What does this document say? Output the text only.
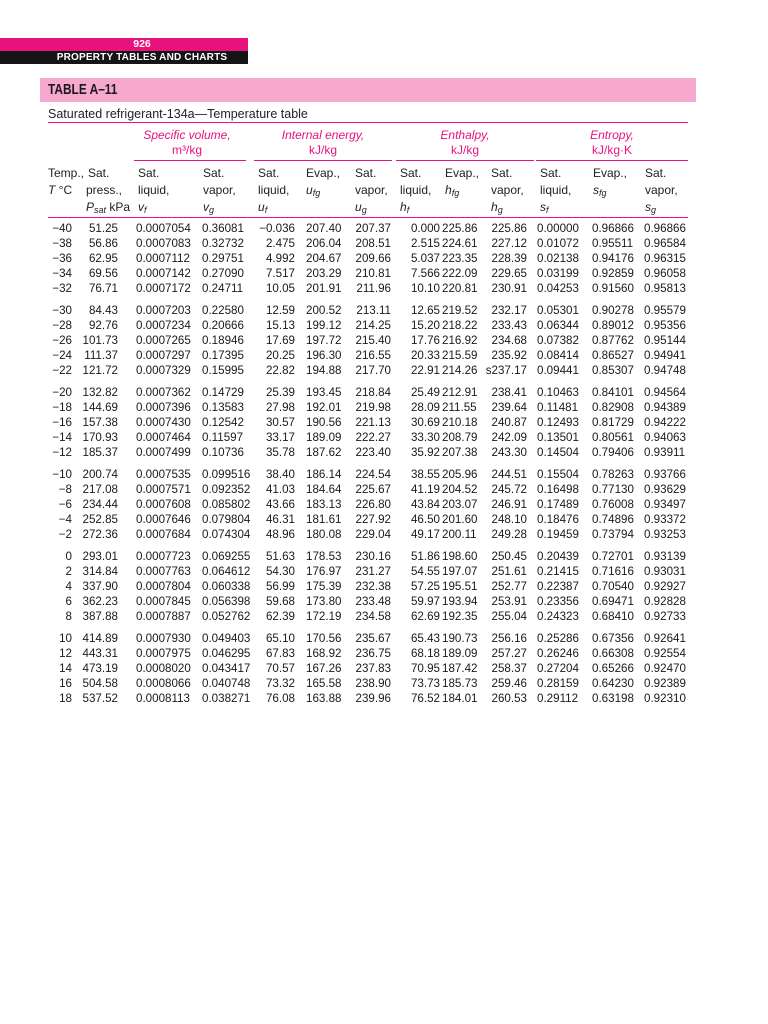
926
PROPERTY TABLES AND CHARTS
TABLE A–11
Saturated refrigerant-134a—Temperature table
Specific volume,
m³/kg
Internal energy,
kJ/kg
Enthalpy,
kJ/kg
Entropy,
kJ/kg·K
Temp.,
T °C
Sat.
press.,
$P_{sat}$ kPa
Sat.
liquid,
$v_f$
Sat.
vapor,
$v_g$
Sat.
liquid,
$u_f$
Evap.,
$u_{fg}$
Sat.
vapor,
$u_g$
Sat.
liquid,
$h_f$
Evap.,
$h_{fg}$
Sat.
vapor,
$h_g$
Sat.
liquid,
$s_f$
Evap.,
$s_{fg}$
Sat.
vapor,
$s_g$
−40 51.25 0.0007054 0.36081 −0.036 207.40 207.37 0.000 225.86 225.86 0.00000 0.96866 0.96866
−38 56.86 0.0007083 0.32732 2.475 206.04 208.51 2.515 224.61 227.12 0.01072 0.95511 0.96584
−36 62.95 0.0007112 0.29751 4.992 204.67 209.66 5.037 223.35 228.39 0.02138 0.94176 0.96315
−34 69.56 0.0007142 0.27090 7.517 203.29 210.81 7.566 222.09 229.65 0.03199 0.92859 0.96058
−32 76.71 0.0007172 0.24711 10.05 201.91 211.96 10.10 220.81 230.91 0.04253 0.91560 0.95813
−30 84.43 0.0007203 0.22580 12.59 200.52 213.11 12.65 219.52 232.17 0.05301 0.90278 0.95579
−28 92.76 0.0007234 0.20666 15.13 199.12 214.25 15.20 218.22 233.43 0.06344 0.89012 0.95356
−26 101.73 0.0007265 0.18946 17.69 197.72 215.40 17.76 216.92 234.68 0.07382 0.87762 0.95144
−24 111.37 0.0007297 0.17395 20.25 196.30 216.55 20.33 215.59 235.92 0.08414 0.86527 0.94941
−22 121.72 0.0007329 0.15995 22.82 194.88 217.70 22.91 214.26 s237.17 0.09441 0.85307 0.94748
−20 132.82 0.0007362 0.14729 25.39 193.45 218.84 25.49 212.91 238.41 0.10463 0.84101 0.94564
−18 144.69 0.0007396 0.13583 27.98 192.01 219.98 28.09 211.55 239.64 0.11481 0.82908 0.94389
−16 157.38 0.0007430 0.12542 30.57 190.56 221.13 30.69 210.18 240.87 0.12493 0.81729 0.94222
−14 170.93 0.0007464 0.11597 33.17 189.09 222.27 33.30 208.79 242.09 0.13501 0.80561 0.94063
−12 185.37 0.0007499 0.10736 35.78 187.62 223.40 35.92 207.38 243.30 0.14504 0.79406 0.93911
−10 200.74 0.0007535 0.099516 38.40 186.14 224.54 38.55 205.96 244.51 0.15504 0.78263 0.93766
−8 217.08 0.0007571 0.092352 41.03 184.64 225.67 41.19 204.52 245.72 0.16498 0.77130 0.93629
−6 234.44 0.0007608 0.085802 43.66 183.13 226.80 43.84 203.07 246.91 0.17489 0.76008 0.93497
−4 252.85 0.0007646 0.079804 46.31 181.61 227.92 46.50 201.60 248.10 0.18476 0.74896 0.93372
−2 272.36 0.0007684 0.074304 48.96 180.08 229.04 49.17 200.11 249.28 0.19459 0.73794 0.93253
0 293.01 0.0007723 0.069255 51.63 178.53 230.16 51.86 198.60 250.45 0.20439 0.72701 0.93139
2 314.84 0.0007763 0.064612 54.30 176.97 231.27 54.55 197.07 251.61 0.21415 0.71616 0.93031
4 337.90 0.0007804 0.060338 56.99 175.39 232.38 57.25 195.51 252.77 0.22387 0.70540 0.92927
6 362.23 0.0007845 0.056398 59.68 173.80 233.48 59.97 193.94 253.91 0.23356 0.69471 0.92828
8 387.88 0.0007887 0.052762 62.39 172.19 234.58 62.69 192.35 255.04 0.24323 0.68410 0.92733
10 414.89 0.0007930 0.049403 65.10 170.56 235.67 65.43 190.73 256.16 0.25286 0.67356 0.92641
12 443.31 0.0007975 0.046295 67.83 168.92 236.75 68.18 189.09 257.27 0.26246 0.66308 0.92554
14 473.19 0.0008020 0.043417 70.57 167.26 237.83 70.95 187.42 258.37 0.27204 0.65266 0.92470
16 504.58 0.0008066 0.040748 73.32 165.58 238.90 73.73 185.73 259.46 0.28159 0.64230 0.92389
18 537.52 0.0008113 0.038271 76.08 163.88 239.96 76.52 184.01 260.53 0.29112 0.63198 0.92310
